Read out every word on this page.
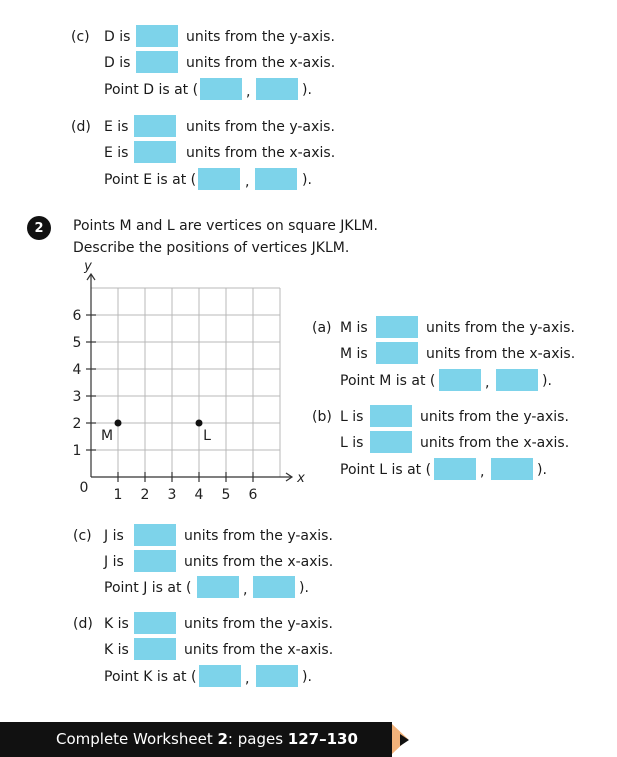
(c) D is	units from the y-axis.
D is	units from the x-axis.
Point D is at (	,	).
(d) E is	units from the y-axis.
E is	units from the x-axis.
Point E is at (	,	).
2	Points M and L are vertices on square JKLM.
Describe the positions of vertices JKLM.
y
x
0 1 2 3 4 5 6
1
2
3
4
5
6
M	L
(a) M is	units from the y-axis.
M is	units from the x-axis.
Point M is at (	,	).
(b) L is	units from the y-axis.
L is	units from the x-axis.
Point L is at (	,	).
(c) J is	units from the y-axis.
J is	units from the x-axis.
Point J is at (	,	).
(d) K is	units from the y-axis.
K is	units from the x-axis.
Point K is at (	,	).
Complete Worksheet 2: pages 127–130
